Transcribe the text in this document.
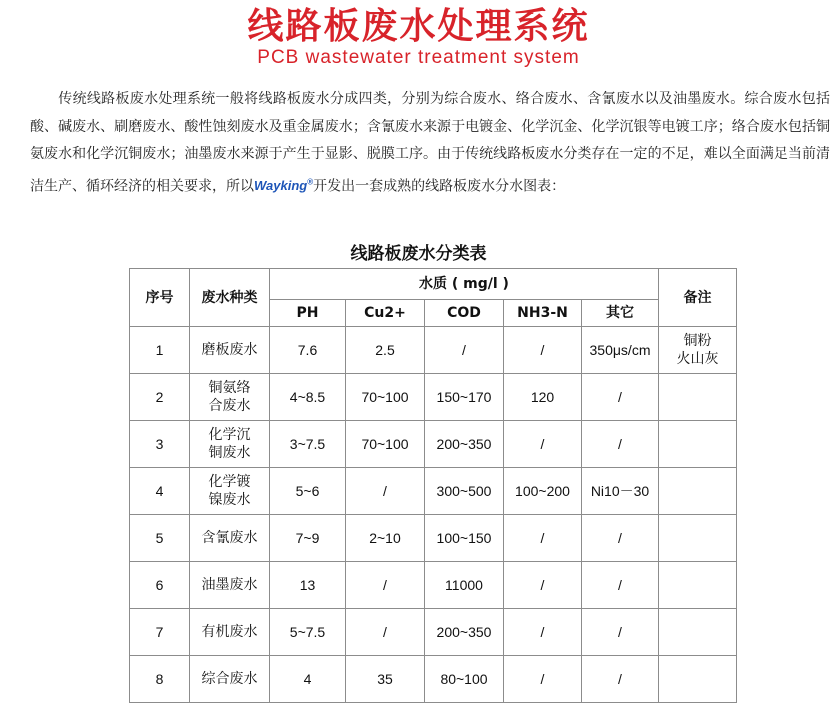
线路板废水处理系统
PCB wastewater treatment system
传统线路板废水处理系统一般将线路板废水分成四类，分别为综合废水、络合废水、含氰废水以及油墨废水。综合废水包括酸、碱废水、刷磨废水、酸性蚀刻废水及重金属废水；含氰废水来源于电镀金、化学沉金、化学沉银等电镀工序；络合废水包括铜氨废水和化学沉铜废水；油墨废水来源于产生于显影、脱膜工序。由于传统线路板废水分类存在一定的不足，难以全面满足当前清洁生产、循环经济的相关要求，所以Wayking®开发出一套成熟的线路板废水分水图表：
线路板废水分类表
序号	废水种类	水质 ( mg/l )					备注
		PH	Cu2+	COD	NH3-N	其它	
1	磨板废水	7.6	2.5	/	/	350μs/cm	铜粉
火山灰
2	铜氨络
合废水	4~8.5	70~100	150~170	120	/	
3	化学沉
铜废水	3~7.5	70~100	200~350	/	/	
4	化学镀
镍废水	5~6	/	300~500	100~200	Ni10－30	
5	含氰废水	7~9	2~10	100~150	/	/	
6	油墨废水	13	/	11000	/	/	
7	有机废水	5~7.5	/	200~350	/	/	
8	综合废水	4	35	80~100	/	/	
